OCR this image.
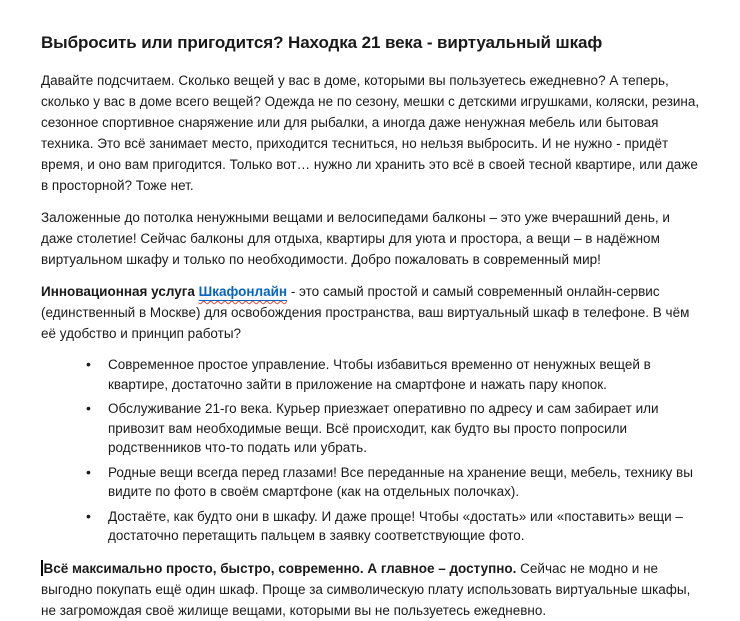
Выбросить или пригодится? Находка 21 века - виртуальный шкаф

Давайте подсчитаем. Сколько вещей у вас в доме, которыми вы пользуетесь ежедневно? А теперь, сколько у вас в доме всего вещей? Одежда не по сезону, мешки с детскими игрушками, коляски, резина, сезонное спортивное снаряжение или для рыбалки, а иногда даже ненужная мебель или бытовая техника. Это всё занимает место, приходится тесниться, но нельзя выбросить. И не нужно - придёт время, и оно вам пригодится. Только вот… нужно ли хранить это всё в своей тесной квартире, или даже в просторной? Тоже нет.

Заложенные до потолка ненужными вещами и велосипедами балконы – это уже вчерашний день, и даже столетие! Сейчас балконы для отдыха, квартиры для уюта и простора, а вещи – в надёжном виртуальном шкафу и только по необходимости. Добро пожаловать в современный мир!

Инновационная услуга Шкафонлайн - это самый простой и самый современный онлайн-сервис (единственный в Москве) для освобождения пространства, ваш виртуальный шкаф в телефоне. В чём её удобство и принцип работы?

• Современное простое управление. Чтобы избавиться временно от ненужных вещей в квартире, достаточно зайти в приложение на смартфоне и нажать пару кнопок.
• Обслуживание 21-го века. Курьер приезжает оперативно по адресу и сам забирает или привозит вам необходимые вещи. Всё происходит, как будто вы просто попросили родственников что-то подать или убрать.
• Родные вещи всегда перед глазами! Все переданные на хранение вещи, мебель, технику вы видите по фото в своём смартфоне (как на отдельных полочках).
• Достаёте, как будто они в шкафу. И даже проще! Чтобы «достать» или «поставить» вещи – достаточно перетащить пальцем в заявку соответствующие фото.

Всё максимально просто, быстро, современно. А главное – доступно. Сейчас не модно и не выгодно покупать ещё один шкаф. Проще за символическую плату использовать виртуальные шкафы, не загромождая своё жилище вещами, которыми вы не пользуетесь ежедневно.
